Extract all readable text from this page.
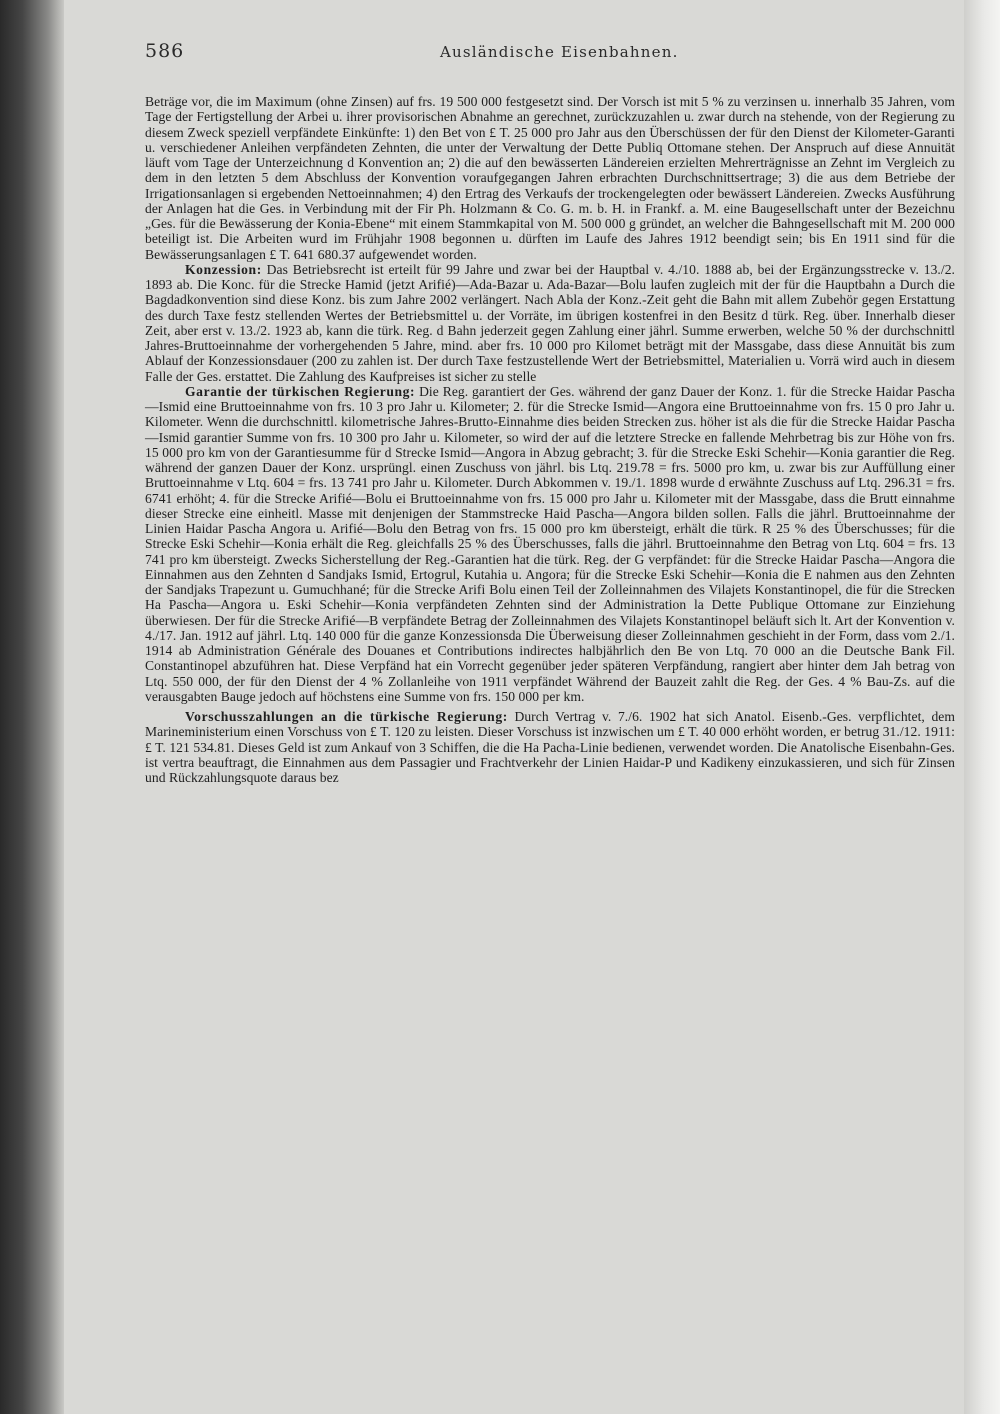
586	Ausländische Eisenbahnen.

Beträge vor, die im Maximum (ohne Zinsen) auf frs. 19 500 000 festgesetzt sind. Der Vorsch ist mit 5 % zu verzinsen u. innerhalb 35 Jahren, vom Tage der Fertigstellung der Arbei u. ihrer provisorischen Abnahme an gerechnet, zurückzuzahlen u. zwar durch na stehende, von der Regierung zu diesem Zweck speziell verpfändete Einkünfte: 1) den Bet von £ T. 25 000 pro Jahr aus den Überschüssen der für den Dienst der Kilometer-Garanti u. verschiedener Anleihen verpfändeten Zehnten, die unter der Verwaltung der Dette Publiq Ottomane stehen. Der Anspruch auf diese Annuität läuft vom Tage der Unterzeichnung d Konvention an; 2) die auf den bewässerten Ländereien erzielten Mehrerträgnisse an Zehnt im Vergleich zu dem in den letzten 5 dem Abschluss der Konvention voraufgegangen Jahren erbrachten Durchschnittsertrage; 3) die aus dem Betriebe der Irrigationsanlagen si ergebenden Nettoeinnahmen; 4) den Ertrag des Verkaufs der trockengelegten oder bewässert Ländereien. Zwecks Ausführung der Anlagen hat die Ges. in Verbindung mit der Fir Ph. Holzmann & Co. G. m. b. H. in Frankf. a. M. eine Baugesellschaft unter der Bezeichnu „Ges. für die Bewässerung der Konia-Ebene“ mit einem Stammkapital von M. 500 000 g gründet, an welcher die Bahngesellschaft mit M. 200 000 beteiligt ist. Die Arbeiten wurd im Frühjahr 1908 begonnen u. dürften im Laufe des Jahres 1912 beendigt sein; bis En 1911 sind für die Bewässerungsanlagen £ T. 641 680.37 aufgewendet worden.

Konzession: Das Betriebsrecht ist erteilt für 99 Jahre und zwar bei der Hauptbal v. 4./10. 1888 ab, bei der Ergänzungsstrecke v. 13./2. 1893 ab. Die Konc. für die Strecke Hamid (jetzt Arifié)—Ada-Bazar u. Ada-Bazar—Bolu laufen zugleich mit der für die Hauptbahn a Durch die Bagdadkonvention sind diese Konz. bis zum Jahre 2002 verlängert. Nach Abla der Konz.-Zeit geht die Bahn mit allem Zubehör gegen Erstattung des durch Taxe festz stellenden Wertes der Betriebsmittel u. der Vorräte, im übrigen kostenfrei in den Besitz d türk. Reg. über. Innerhalb dieser Zeit, aber erst v. 13./2. 1923 ab, kann die türk. Reg. d Bahn jederzeit gegen Zahlung einer jährl. Summe erwerben, welche 50 % der durchschnittl Jahres-Bruttoeinnahme der vorhergehenden 5 Jahre, mind. aber frs. 10 000 pro Kilomet beträgt mit der Massgabe, dass diese Annuität bis zum Ablauf der Konzessionsdauer (200 zu zahlen ist. Der durch Taxe festzustellende Wert der Betriebsmittel, Materialien u. Vorrä wird auch in diesem Falle der Ges. erstattet. Die Zahlung des Kaufpreises ist sicher zu stelle

Garantie der türkischen Regierung: Die Reg. garantiert der Ges. während der ganz Dauer der Konz. 1. für die Strecke Haidar Pascha—Ismid eine Bruttoeinnahme von frs. 10 3 pro Jahr u. Kilometer; 2. für die Strecke Ismid—Angora eine Bruttoeinnahme von frs. 15 0 pro Jahr u. Kilometer. Wenn die durchschnittl. kilometrische Jahres-Brutto-Einnahme dies beiden Strecken zus. höher ist als die für die Strecke Haidar Pascha—Ismid garantier Summe von frs. 10 300 pro Jahr u. Kilometer, so wird der auf die letztere Strecke en fallende Mehrbetrag bis zur Höhe von frs. 15 000 pro km von der Garantiesumme für d Strecke Ismid—Angora in Abzug gebracht; 3. für die Strecke Eski Schehir—Konia garantier die Reg. während der ganzen Dauer der Konz. ursprüngl. einen Zuschuss von jährl. bis Ltq. 219.78 = frs. 5000 pro km, u. zwar bis zur Auffüllung einer Bruttoeinnahme v Ltq. 604 = frs. 13 741 pro Jahr u. Kilometer. Durch Abkommen v. 19./1. 1898 wurde d erwähnte Zuschuss auf Ltq. 296.31 = frs. 6741 erhöht; 4. für die Strecke Arifié—Bolu ei Bruttoeinnahme von frs. 15 000 pro Jahr u. Kilometer mit der Massgabe, dass die Brutt einnahme dieser Strecke eine einheitl. Masse mit denjenigen der Stammstrecke Haid Pascha—Angora bilden sollen. Falls die jährl. Bruttoeinnahme der Linien Haidar Pascha Angora u. Arifié—Bolu den Betrag von frs. 15 000 pro km übersteigt, erhält die türk. R 25 % des Überschusses; für die Strecke Eski Schehir—Konia erhält die Reg. gleichfalls 25 % des Überschusses, falls die jährl. Bruttoeinnahme den Betrag von Ltq. 604 = frs. 13 741 pro km übersteigt. Zwecks Sicherstellung der Reg.-Garantien hat die türk. Reg. der G verpfändet: für die Strecke Haidar Pascha—Angora die Einnahmen aus den Zehnten d Sandjaks Ismid, Ertogrul, Kutahia u. Angora; für die Strecke Eski Schehir—Konia die E nahmen aus den Zehnten der Sandjaks Trapezunt u. Gumuchhané; für die Strecke Arifi Bolu einen Teil der Zolleinnahmen des Vilajets Konstantinopel, die für die Strecken Ha Pascha—Angora u. Eski Schehir—Konia verpfändeten Zehnten sind der Administration la Dette Publique Ottomane zur Einziehung überwiesen. Der für die Strecke Arifié—B verpfändete Betrag der Zolleinnahmen des Vilajets Konstantinopel beläuft sich lt. Art der Konvention v. 4./17. Jan. 1912 auf jährl. Ltq. 140 000 für die ganze Konzessionsda Die Überweisung dieser Zolleinnahmen geschieht in der Form, dass vom 2./1. 1914 ab Administration Générale des Douanes et Contributions indirectes halbjährlich den Be von Ltq. 70 000 an die Deutsche Bank Fil. Constantinopel abzuführen hat. Diese Verpfänd hat ein Vorrecht gegenüber jeder späteren Verpfändung, rangiert aber hinter dem Jah betrag von Ltq. 550 000, der für den Dienst der 4 % Zollanleihe von 1911 verpfändet Während der Bauzeit zahlt die Reg. der Ges. 4 % Bau-Zs. auf die verausgabten Bauge jedoch auf höchstens eine Summe von frs. 150 000 per km.

Vorschusszahlungen an die türkische Regierung: Durch Vertrag v. 7./6. 1902 hat sich Anatol. Eisenb.-Ges. verpflichtet, dem Marineministerium einen Vorschuss von £ T. 120 zu leisten. Dieser Vorschuss ist inzwischen um £ T. 40 000 erhöht worden, er betrug 31./12. 1911: £ T. 121 534.81. Dieses Geld ist zum Ankauf von 3 Schiffen, die die Ha Pacha-Linie bedienen, verwendet worden. Die Anatolische Eisenbahn-Ges. ist vertra beauftragt, die Einnahmen aus dem Passagier und Frachtverkehr der Linien Haidar-P und Kadikeny einzukassieren, und sich für Zinsen und Rückzahlungsquote daraus bez
